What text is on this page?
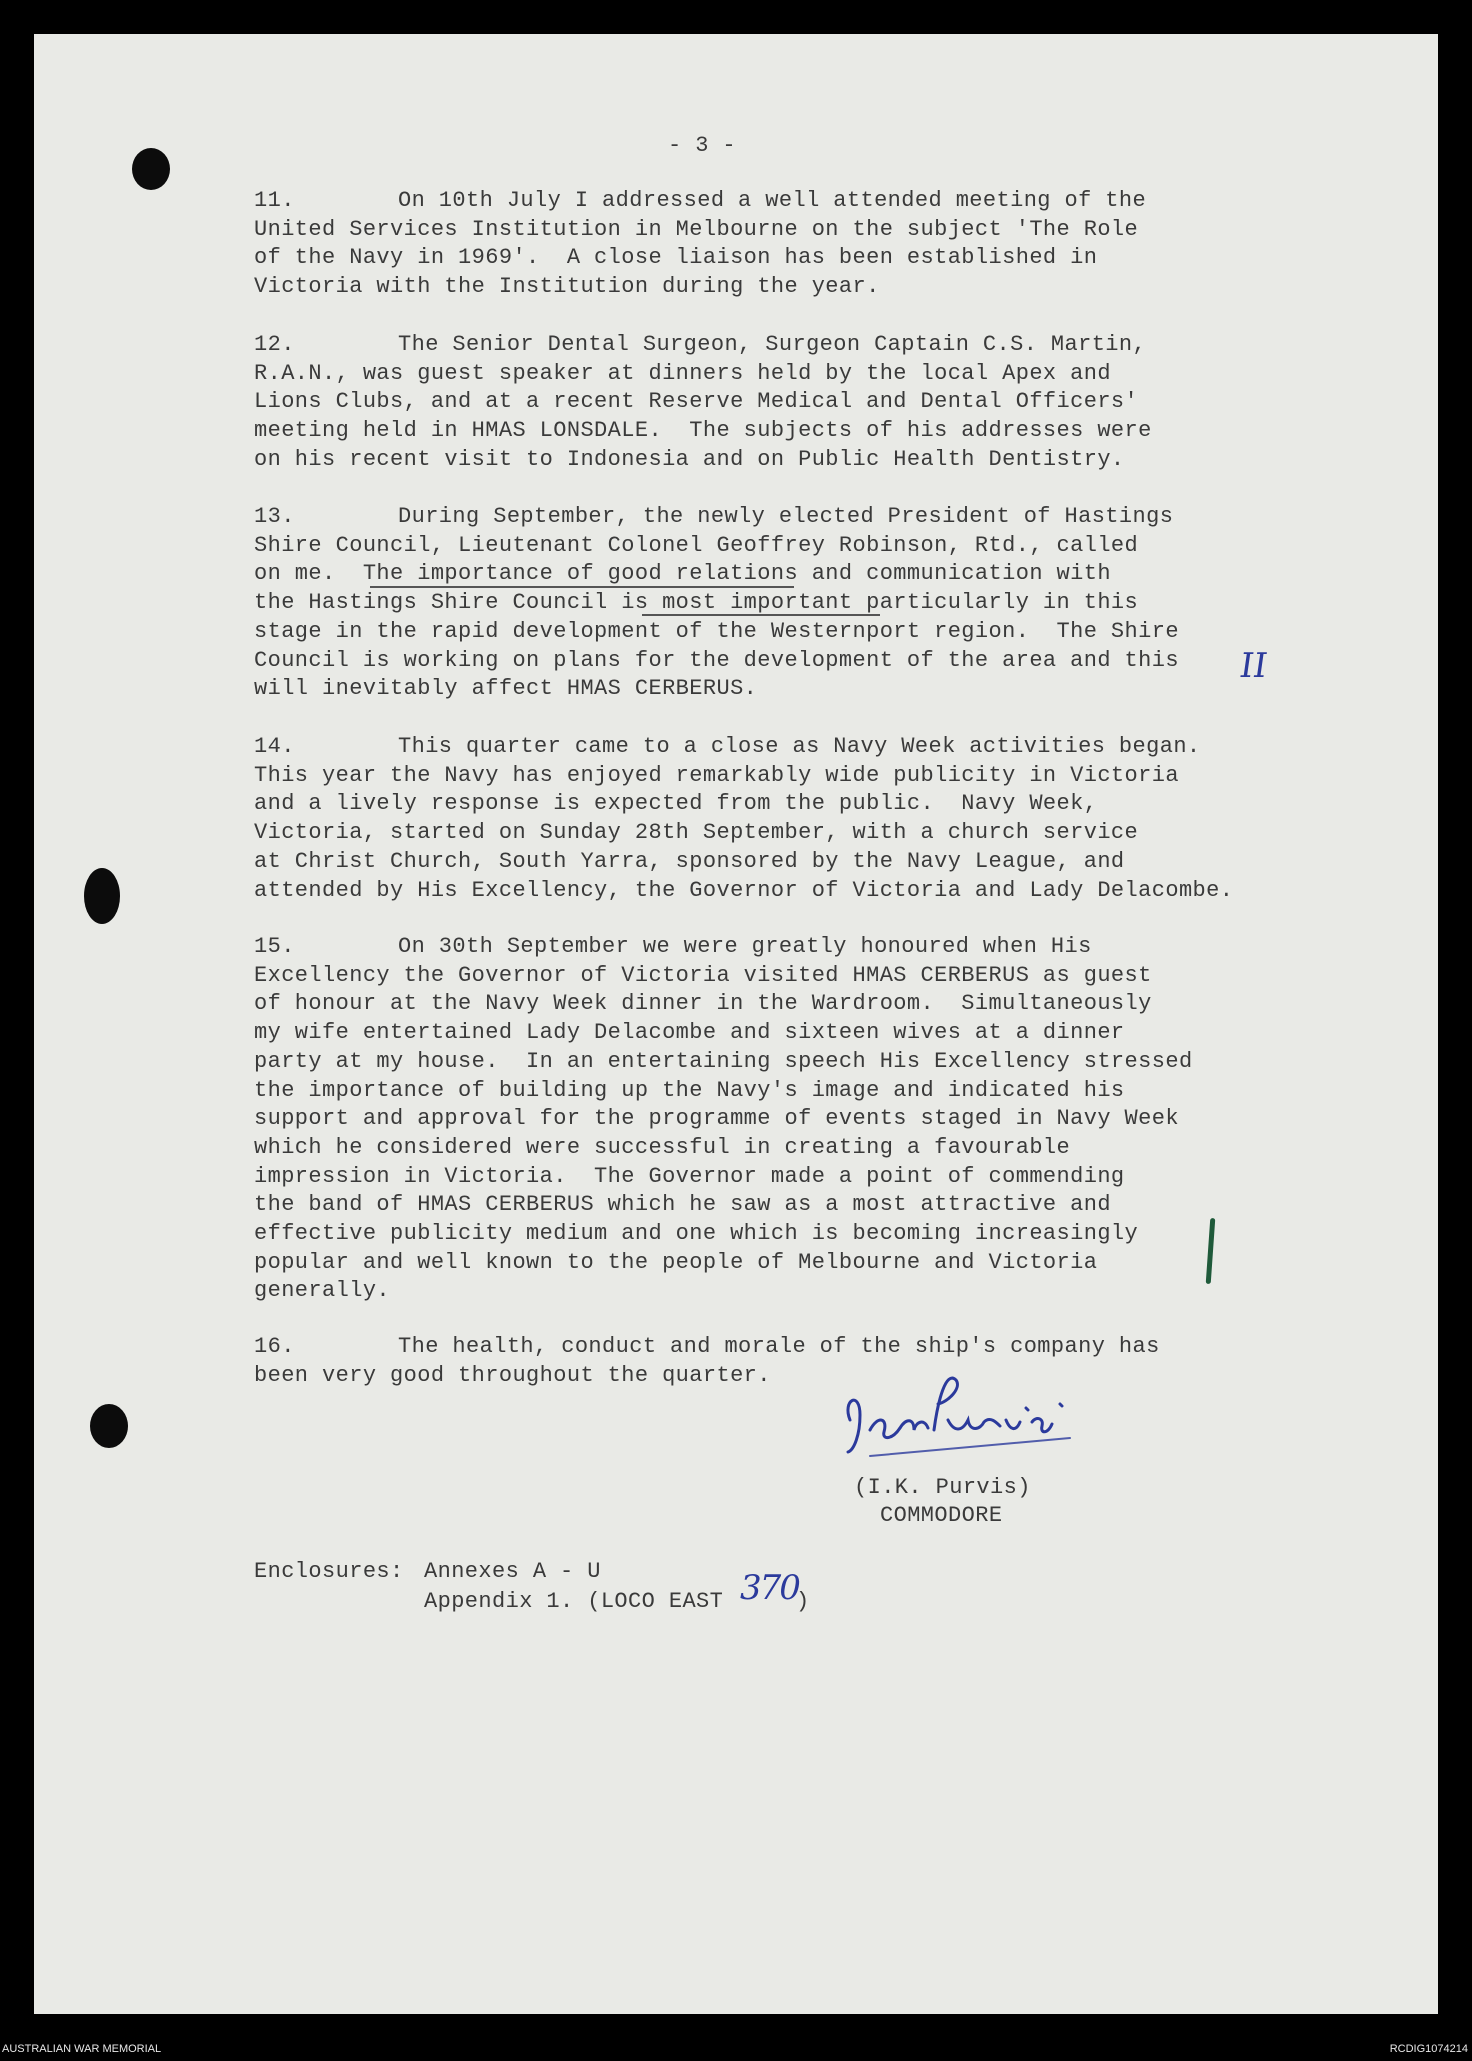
11.	On 10th July I addressed a well attended meeting of the
United Services Institution in Melbourne on the subject 'The Role
of the Navy in 1969'.  A close liaison has been established in
Victoria with the Institution during the year.
12.	The Senior Dental Surgeon, Surgeon Captain C.S. Martin,
R.A.N., was guest speaker at dinners held by the local Apex and
Lions Clubs, and at a recent Reserve Medical and Dental Officers'
meeting held in HMAS LONSDALE.  The subjects of his addresses were
on his recent visit to Indonesia and on Public Health Dentistry.
13.	During September, the newly elected President of Hastings
Shire Council, Lieutenant Colonel Geoffrey Robinson, Rtd., called
on me.  The importance of good relations and communication with
the Hastings Shire Council is most important particularly in this
stage in the rapid development of the Westernport region.  The Shire
Council is working on plans for the development of the area and this
will inevitably affect HMAS CERBERUS.
14.	This quarter came to a close as Navy Week activities began.
This year the Navy has enjoyed remarkably wide publicity in Victoria
and a lively response is expected from the public.  Navy Week,
Victoria, started on Sunday 28th September, with a church service
at Christ Church, South Yarra, sponsored by the Navy League, and
attended by His Excellency, the Governor of Victoria and Lady Delacombe.
15.	On 30th September we were greatly honoured when His
Excellency the Governor of Victoria visited HMAS CERBERUS as guest
of honour at the Navy Week dinner in the Wardroom.  Simultaneously
my wife entertained Lady Delacombe and sixteen wives at a dinner
party at my house.  In an entertaining speech His Excellency stressed
the importance of building up the Navy's image and indicated his
support and approval for the programme of events staged in Navy Week
which he considered were successful in creating a favourable
impression in Victoria.  The Governor made a point of commending
the band of HMAS CERBERUS which he saw as a most attractive and
effective publicity medium and one which is becoming increasingly
popular and well known to the people of Melbourne and Victoria
generally.
16.	The health, conduct and morale of the ship's company has
been very good throughout the quarter.
- 3 -
II
(I.K. Purvis)
COMMODORE
Enclosures: Annexes A - U
Appendix 1. (LOCO EAST 370
)
AUSTRALIAN WAR MEMORIAL	RCDIG1074214
